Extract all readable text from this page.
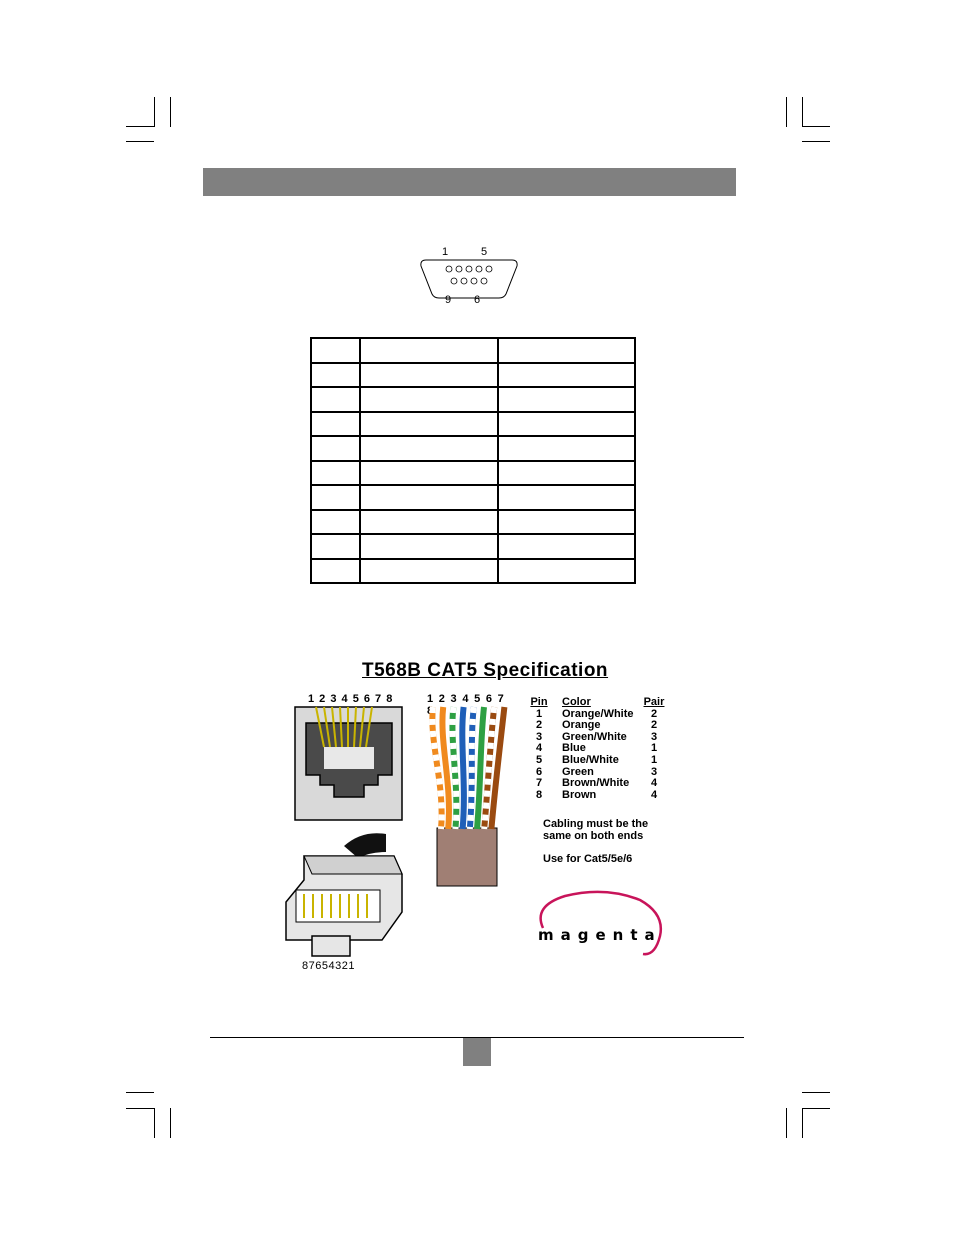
1	5
9 6

T568B CAT5 Specification
1 2 3 4 5 6 7 8
87654321
1 2 3 4 5 6 7 8
Pin Color	Pair
1	Orange/White	2
2	Orange	2
3	Green/White	3
4	Blue	1
5	Blue/White	1
6	Green	3
7	Brown/White	4
8	Brown	4
Cabling must be the
same on both ends
Use for Cat5/5e/6
magenta
